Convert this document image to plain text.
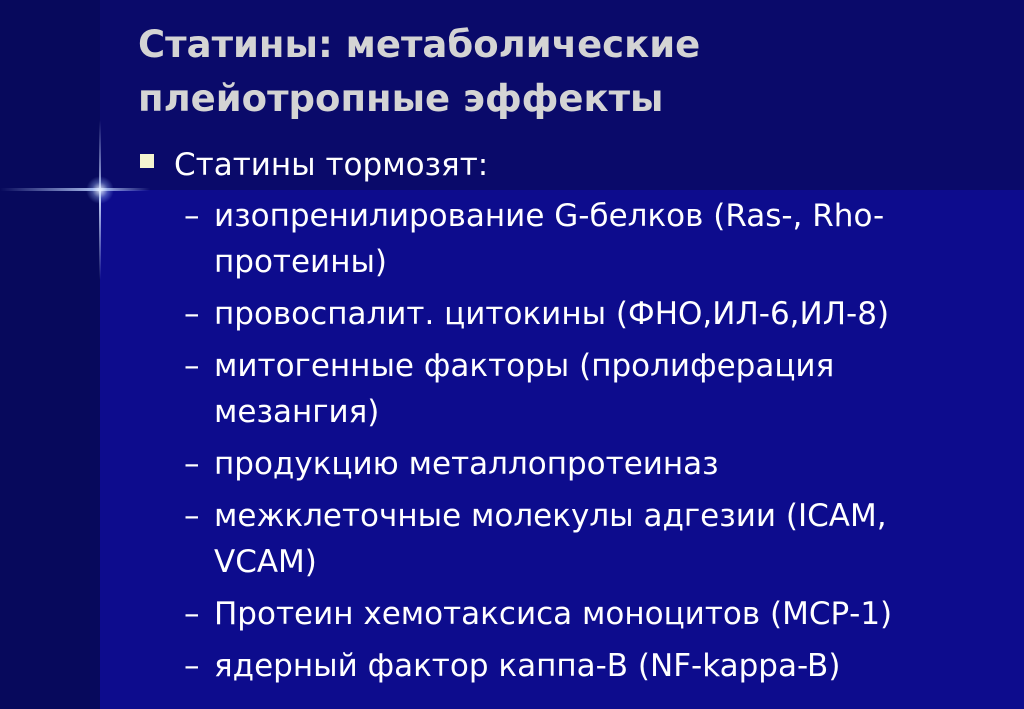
Статины: метаболические
плейотропные эффекты
Статины тормозят:
– изопренилирование G-белков (Ras-, Rho-
протеины)
– провоспалит. цитокины (ФНО,ИЛ-6,ИЛ-8)
– митогенные факторы (пролиферация
мезангия)
– продукцию металлопротеиназ
– межклеточные молекулы адгезии (ICAM,
VCAM)
– Протеин хемотаксиса моноцитов (МСР-1)
– ядерный фактор каппа-В (NF-kappa-B)
